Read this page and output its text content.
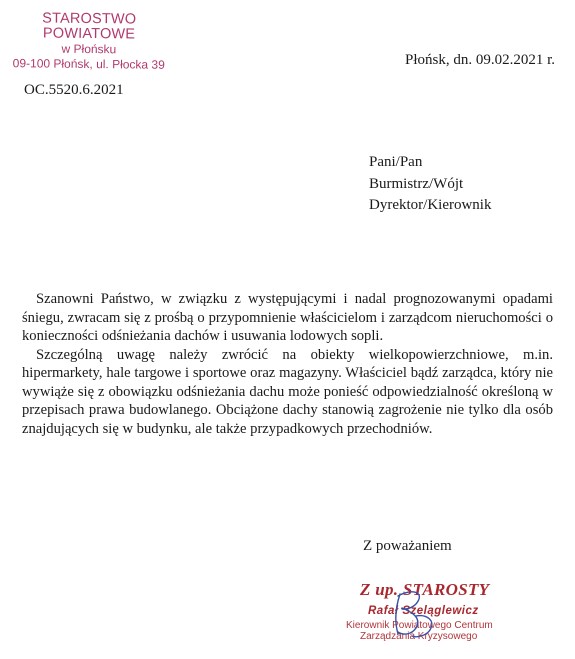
STAROSTWO POWIATOWE
w Płońsku
09-100 Płońsk, ul. Płocka 39	Płońsk, dn. 09.02.2021 r.
OC.5520.6.2021
Pani/Pan
Burmistrz/Wójt
Dyrektor/Kierownik

Szanowni Państwo, w związku z występującymi i nadal prognozowanymi opadami śniegu, zwracam się z prośbą o przypomnienie właścicielom i zarządcom nieruchomości o konieczności odśnieżania dachów i usuwania lodowych sopli.

Szczególną uwagę należy zwrócić na obiekty wielkopowierzchniowe, m.in. hipermarkety, hale targowe i sportowe oraz magazyny. Właściciel bądź zarządca, który nie wywiąże się z obowiązku odśnieżania dachu może ponieść odpowiedzialność określoną w przepisach prawa budowlanego. Obciążone dachy stanowią zagrożenie nie tylko dla osób znajdujących się w budynku, ale także przypadkowych przechodniów.

Z poważaniem
Z up. STAROSTY
Rafał Szeląglewicz
Kierownik Powiatowego Centrum
Zarządzania Kryzysowego
